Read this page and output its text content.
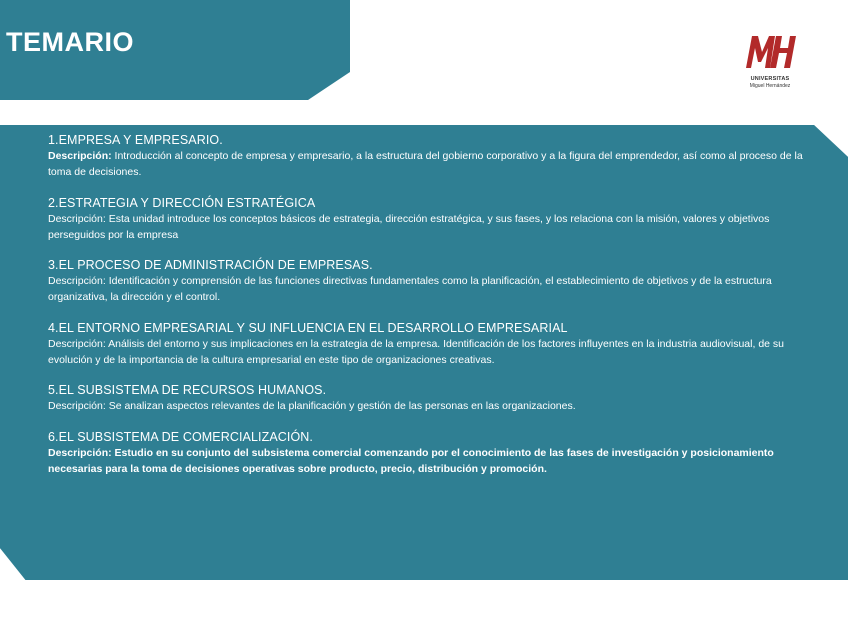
TEMARIO
UNIVERSITAS
Miguel Hernández
1.EMPRESA Y EMPRESARIO.
Descripción: Introducción al concepto de empresa y empresario, a la estructura del gobierno corporativo y a la figura del emprendedor, así como al proceso de la toma de decisiones.
2.ESTRATEGIA Y DIRECCIÓN ESTRATÉGICA
Descripción: Esta unidad introduce los conceptos básicos de estrategia, dirección estratégica, y sus fases, y los relaciona con la misión, valores y objetivos perseguidos por la empresa
3.EL PROCESO DE ADMINISTRACIÓN DE EMPRESAS.
Descripción: Identificación y comprensión de las funciones directivas fundamentales como la planificación, el establecimiento de objetivos y de la estructura organizativa, la dirección y el control.
4.EL ENTORNO EMPRESARIAL Y SU INFLUENCIA EN EL DESARROLLO EMPRESARIAL
Descripción: Análisis del entorno y sus implicaciones en la estrategia de la empresa. Identificación de los factores influyentes en la industria audiovisual, de su evolución y de la importancia de la cultura empresarial en este tipo de organizaciones creativas.
5.EL SUBSISTEMA DE RECURSOS HUMANOS.
Descripción: Se analizan aspectos relevantes de la planificación y gestión de las personas en las organizaciones.
6.EL SUBSISTEMA DE COMERCIALIZACIÓN.
Descripción: Estudio en su conjunto del subsistema comercial comenzando por el conocimiento de las fases de investigación y posicionamiento necesarias para la toma de decisiones operativas sobre producto, precio, distribución y promoción.
